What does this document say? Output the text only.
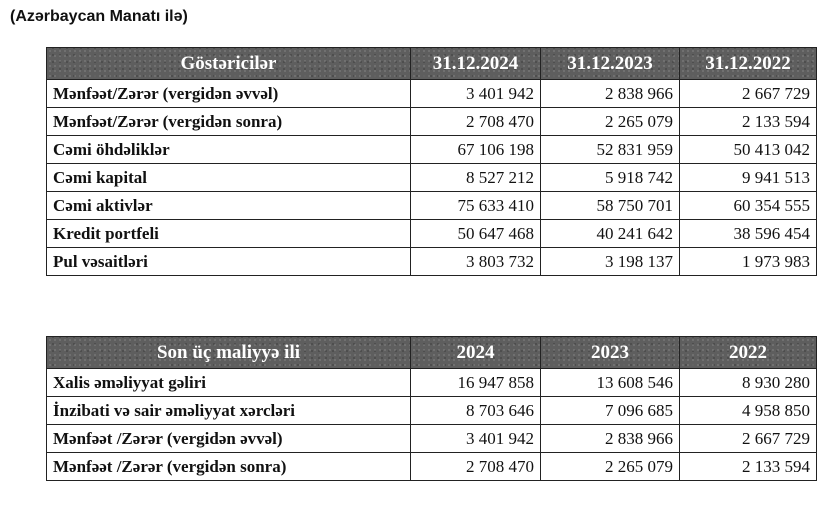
(Azərbaycan Manatı ilə)
Göstəricilər	31.12.2024	31.12.2023	31.12.2022
Mənfəət/Zərər (vergidən əvvəl)	3 401 942	2 838 966	2 667 729
Mənfəət/Zərər (vergidən sonra)	2 708 470	2 265 079	2 133 594
Cəmi öhdəliklər	67 106 198	52 831 959	50 413 042
Cəmi kapital	8 527 212	5 918 742	9 941 513
Cəmi aktivlər	75 633 410	58 750 701	60 354 555
Kredit portfeli	50 647 468	40 241 642	38 596 454
Pul vəsaitləri	3 803 732	3 198 137	1 973 983
Son üç maliyyə ili	2024	2023	2022
Xalis əməliyyat gəliri	16 947 858	13 608 546	8 930 280
İnzibati və sair əməliyyat xərcləri	8 703 646	7 096 685	4 958 850
Mənfəət /Zərər (vergidən əvvəl)	3 401 942	2 838 966	2 667 729
Mənfəət /Zərər (vergidən sonra)	2 708 470	2 265 079	2 133 594
